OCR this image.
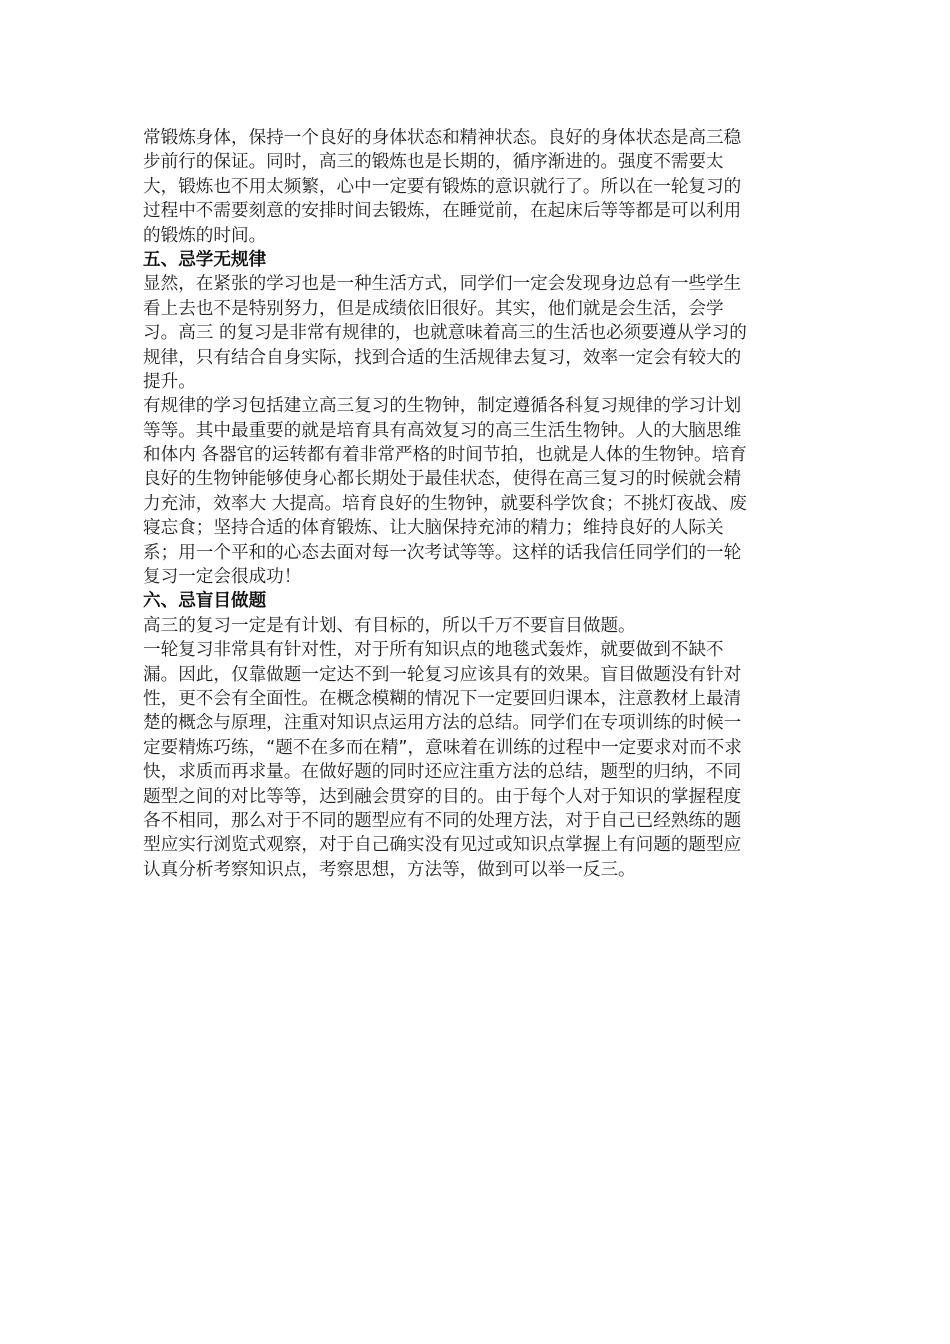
常锻炼身体，保持一个良好的身体状态和精神状态。良好的身体状态是高三稳
步前行的保证。同时，高三的锻炼也是长期的，循序渐进的。强度不需要太
大，锻炼也不用太频繁，心中一定要有锻炼的意识就行了。所以在一轮复习的
过程中不需要刻意的安排时间去锻炼，在睡觉前，在起床后等等都是可以利用
的锻炼的时间。
五、忌学无规律
显然，在紧张的学习也是一种生活方式，同学们一定会发现身边总有一些学生
看上去也不是特别努力，但是成绩依旧很好。其实，他们就是会生活，会学
习。高三 的复习是非常有规律的，也就意味着高三的生活也必须要遵从学习的
规律，只有结合自身实际，找到合适的生活规律去复习，效率一定会有较大的
提升。
有规律的学习包括建立高三复习的生物钟，制定遵循各科复习规律的学习计划
等等。其中最重要的就是培育具有高效复习的高三生活生物钟。人的大脑思维
和体内 各器官的运转都有着非常严格的时间节拍，也就是人体的生物钟。培育
良好的生物钟能够使身心都长期处于最佳状态，使得在高三复习的时候就会精
力充沛，效率大 大提高。培育良好的生物钟，就要科学饮食；不挑灯夜战、废
寝忘食；坚持合适的体育锻炼、让大脑保持充沛的精力；维持良好的人际关
系；用一个平和的心态去面对每一次考试等等。这样的话我信任同学们的一轮
复习一定会很成功！
六、忌盲目做题
高三的复习一定是有计划、有目标的，所以千万不要盲目做题。
一轮复习非常具有针对性，对于所有知识点的地毯式轰炸，就要做到不缺不
漏。因此，仅靠做题一定达不到一轮复习应该具有的效果。盲目做题没有针对
性，更不会有全面性。在概念模糊的情况下一定要回归课本，注意教材上最清
楚的概念与原理，注重对知识点运用方法的总结。同学们在专项训练的时候一
定要精炼巧练，“题不在多而在精”，意味着在训练的过程中一定要求对而不求
快，求质而再求量。在做好题的同时还应注重方法的总结，题型的归纳，不同
题型之间的对比等等，达到融会贯穿的目的。由于每个人对于知识的掌握程度
各不相同，那么对于不同的题型应有不同的处理方法，对于自己已经熟练的题
型应实行浏览式观察，对于自己确实没有见过或知识点掌握上有问题的题型应
认真分析考察知识点，考察思想，方法等，做到可以举一反三。
